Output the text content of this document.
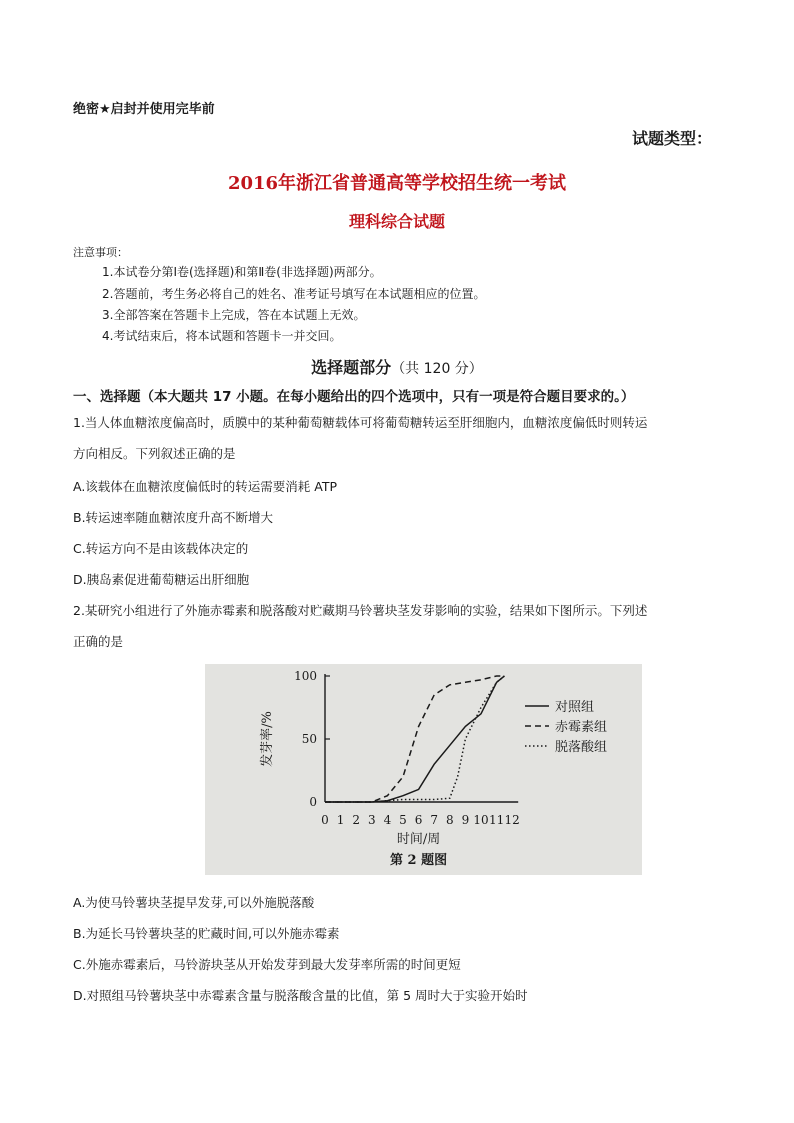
绝密★启封并使用完毕前
试题类型：
2016年浙江省普通高等学校招生统一考试
理科综合试题
注意事项：
1.本试卷分第Ⅰ卷(选择题)和第Ⅱ卷(非选择题)两部分。
2.答题前，考生务必将自己的姓名、准考证号填写在本试题相应的位置。
3.全部答案在答题卡上完成，答在本试题上无效。
4.考试结束后，将本试题和答题卡一并交回。
选择题部分（共 120 分）
一、选择题（本大题共 17 小题。在每小题给出的四个选项中，只有一项是符合题目要求的。）
1.当人体血糖浓度偏高时，质膜中的某种葡萄糖载体可将葡萄糖转运至肝细胞内，血糖浓度偏低时则转运
方向相反。下列叙述正确的是
A.该载体在血糖浓度偏低时的转运需要消耗 ATP
B.转运速率随血糖浓度升高不断增大
C.转运方向不是由该载体决定的
D.胰岛素促进葡萄糖运出肝细胞
2.某研究小组进行了外施赤霉素和脱落酸对贮藏期马铃薯块茎发芽影响的实验，结果如下图所示。下列述
正确的是
0 1 2 3 4 5 6 7 8 9 10 11 12
0
50
100
对照组
赤霉素组
脱落酸组
发芽率/%
时间/周
第 2 题图
A.为使马铃薯块茎提早发芽,可以外施脱落酸
B.为延长马铃薯块茎的贮藏时间,可以外施赤霉素
C.外施赤霉素后，马铃游块茎从开始发芽到最大发芽率所需的时间更短
D.对照组马铃薯块茎中赤霉素含量与脱落酸含量的比值，第 5 周时大于实验开始时
